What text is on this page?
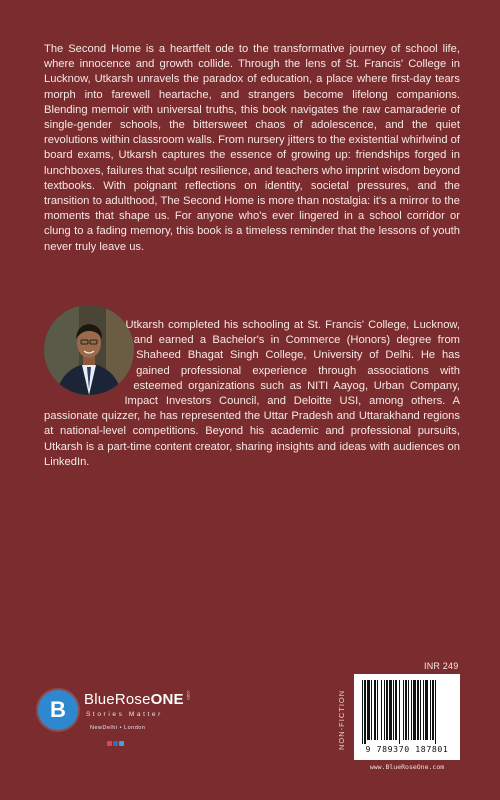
The Second Home is a heartfelt ode to the transformative journey of school life, where innocence and growth collide. Through the lens of St. Francis' College in Lucknow, Utkarsh unravels the paradox of education, a place where first-day tears morph into farewell heartache, and strangers become lifelong companions. Blending memoir with universal truths, this book navigates the raw camaraderie of single-gender schools, the bittersweet chaos of adolescence, and the quiet revolutions within classroom walls. From nursery jitters to the existential whirlwind of board exams, Utkarsh captures the essence of growing up: friendships forged in lunchboxes, failures that sculpt resilience, and teachers who imprint wisdom beyond textbooks. With poignant reflections on identity, societal pressures, and the transition to adulthood, The Second Home is more than nostalgia: it's a mirror to the moments that shape us. For anyone who's ever lingered in a school corridor or clung to a fading memory, this book is a timeless reminder that the lessons of youth never truly leave us.

Utkarsh completed his schooling at St. Francis' College, Lucknow, and earned a Bachelor's in Commerce (Honors) degree from Shaheed Bhagat Singh College, University of Delhi. He has gained professional experience through associations with esteemed organizations such as NITI Aayog, Urban Company, Impact Investors Council, and Deloitte USI, among others. A passionate quizzer, he has represented the Uttar Pradesh and Uttarakhand regions at national-level competitions. Beyond his academic and professional pursuits, Utkarsh is a part-time content creator, sharing insights and ideas with audiences on LinkedIn.

INR 249
NON-FICTION	9 789370 187801
www.BlueRoseOne.com
B	BlueRoseONE .com
Stories Matter
NewDelhi • London
